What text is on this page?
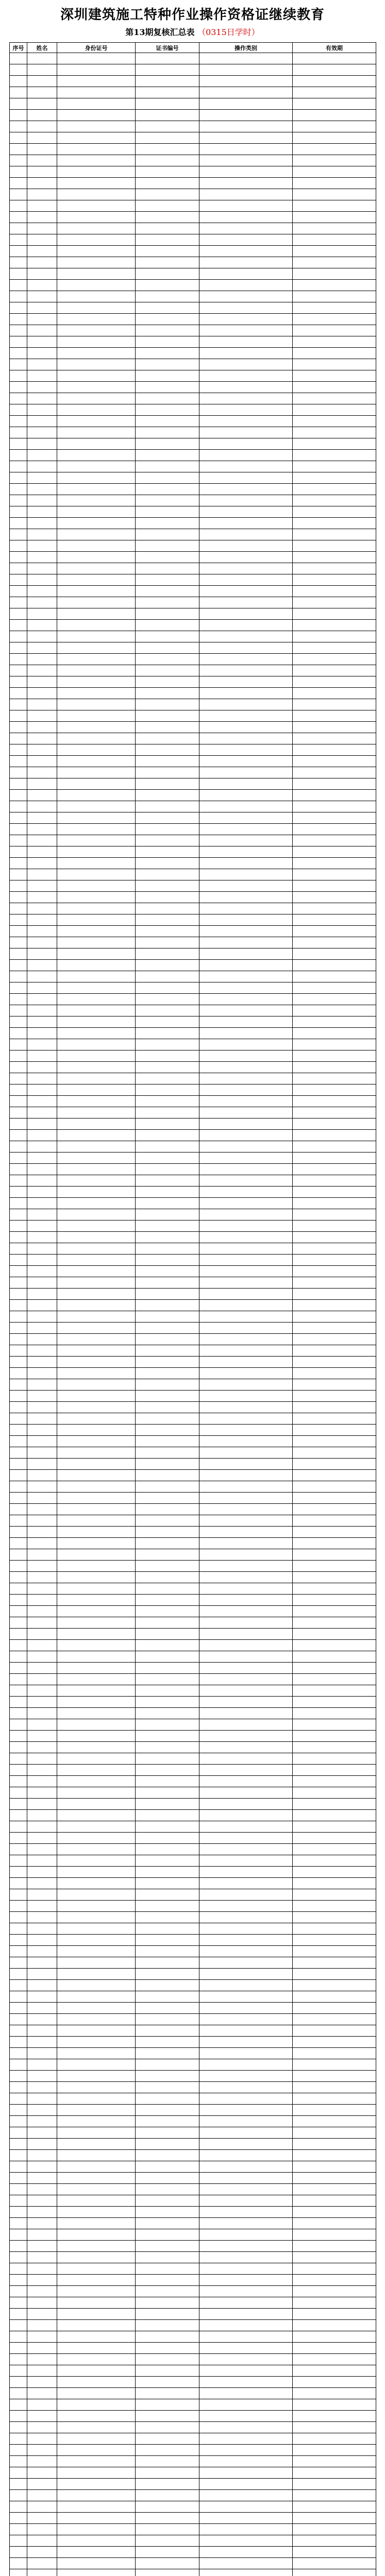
深圳建筑施工特种作业操作资格证继续教育
第13期复核汇总表 （0315日学时）
序号	姓名	身份证号	证书编号	操作类别	有效期
